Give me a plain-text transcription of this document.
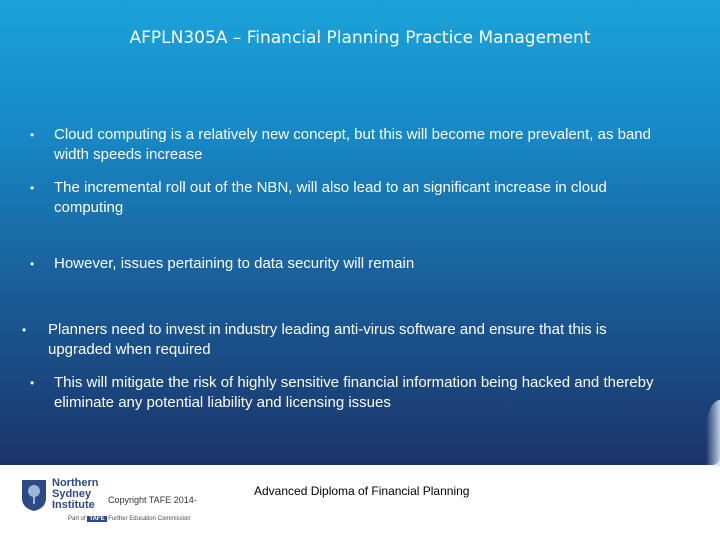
AFPLN305A – Financial Planning Practice Management
• Cloud computing is a relatively new concept, but this will become more prevalent, as band width speeds increase
• The incremental roll out of the NBN, will also lead to an significant increase in cloud computing
• However, issues pertaining to data security will remain
• Planners need to invest in industry leading anti-virus software and ensure that this is upgraded when required
• This will mitigate the risk of highly sensitive financial information being hacked and thereby eliminate any potential liability and licensing issues
Northern
Sydney
Institute
Part of TAFE Further Education Commission
Copyright TAFE 2014-
Advanced Diploma of Financial Planning
